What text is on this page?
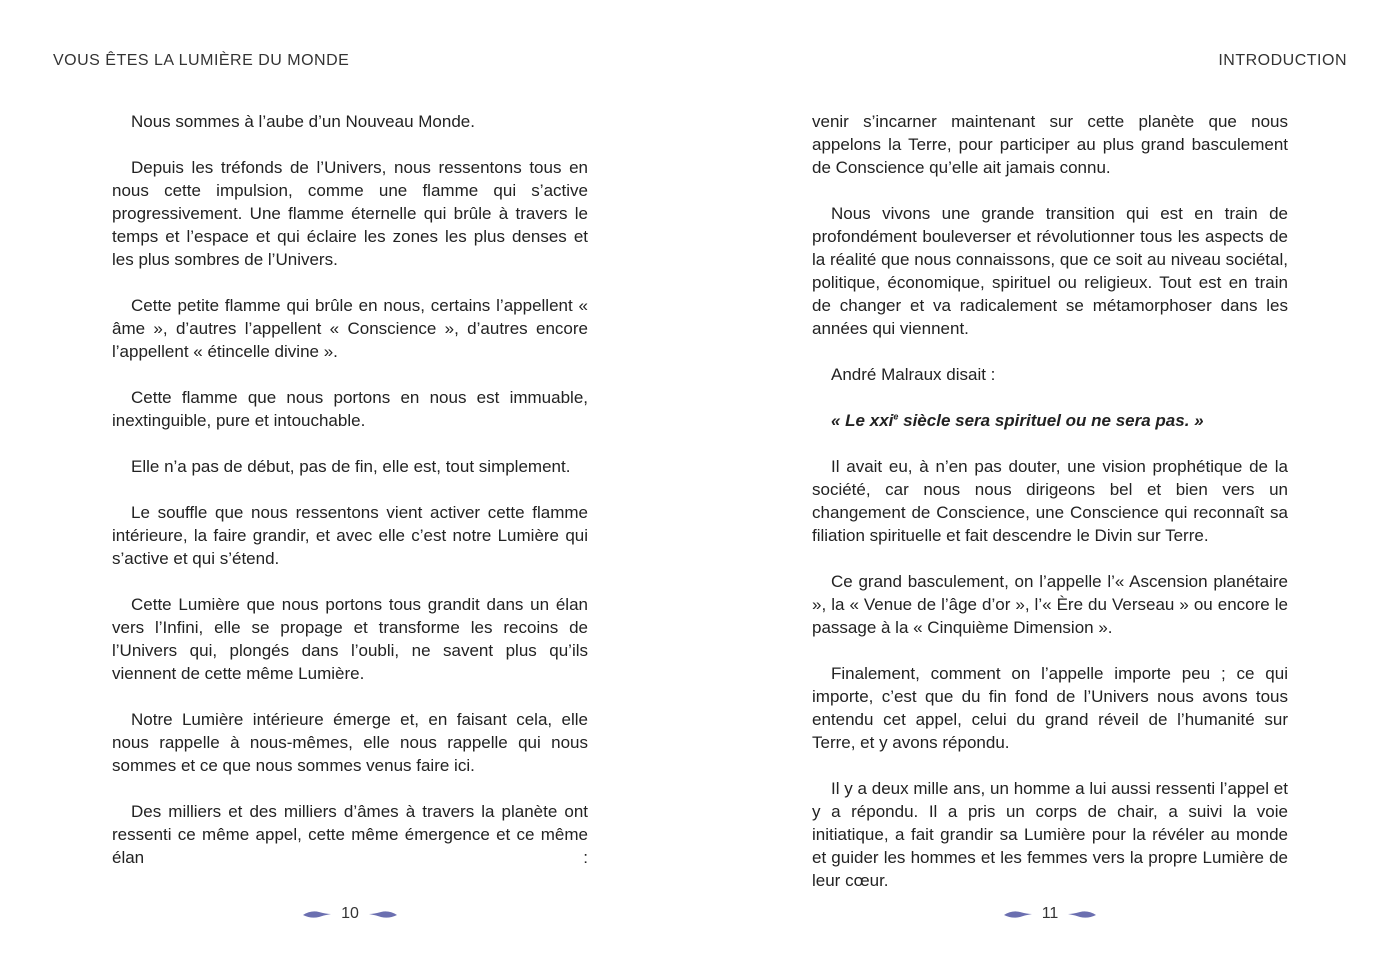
VOUS ÊTES LA LUMIÈRE DU MONDE	INTRODUCTION

Nous sommes à l’aube d’un Nouveau Monde.

Depuis les tréfonds de l’Univers, nous ressentons tous en nous cette impulsion, comme une flamme qui s’active progressivement. Une flamme éternelle qui brûle à travers le temps et l’espace et qui éclaire les zones les plus denses et les plus sombres de l’Univers.

Cette petite flamme qui brûle en nous, certains l’appellent « âme », d’autres l’appellent « Conscience », d’autres encore l’appellent « étincelle divine ».

Cette flamme que nous portons en nous est immuable, inextinguible, pure et intouchable.

Elle n’a pas de début, pas de fin, elle est, tout simplement.

Le souffle que nous ressentons vient activer cette flamme intérieure, la faire grandir, et avec elle c’est notre Lumière qui s’active et qui s’étend.

Cette Lumière que nous portons tous grandit dans un élan vers l’Infini, elle se propage et transforme les recoins de l’Univers qui, plongés dans l’oubli, ne savent plus qu’ils viennent de cette même Lumière.

Notre Lumière intérieure émerge et, en faisant cela, elle nous rappelle à nous-mêmes, elle nous rappelle qui nous sommes et ce que nous sommes venus faire ici.

Des milliers et des milliers d’âmes à travers la planète ont ressenti ce même appel, cette même émergence et ce même élan :

venir s’incarner maintenant sur cette planète que nous appelons la Terre, pour participer au plus grand basculement de Conscience qu’elle ait jamais connu.

Nous vivons une grande transition qui est en train de profondément bouleverser et révolutionner tous les aspects de la réalité que nous connaissons, que ce soit au niveau sociétal, politique, économique, spirituel ou religieux. Tout est en train de changer et va radicalement se métamorphoser dans les années qui viennent.

André Malraux disait :

« Le xxi$^e$ siècle sera spirituel ou ne sera pas. »

Il avait eu, à n’en pas douter, une vision prophétique de la société, car nous nous dirigeons bel et bien vers un changement de Conscience, une Conscience qui reconnaît sa filiation spirituelle et fait descendre le Divin sur Terre.

Ce grand basculement, on l’appelle l’« Ascension planétaire », la « Venue de l’âge d’or », l’« Ère du Verseau » ou encore le passage à la « Cinquième Dimension ».

Finalement, comment on l’appelle importe peu ; ce qui importe, c’est que du fin fond de l’Univers nous avons tous entendu cet appel, celui du grand réveil de l’humanité sur Terre, et y avons répondu.

Il y a deux mille ans, un homme a lui aussi ressenti l’appel et y a répondu. Il a pris un corps de chair, a suivi la voie initiatique, a fait grandir sa Lumière pour la révéler au monde et guider les hommes et les femmes vers la propre Lumière de leur cœur.

10	11
